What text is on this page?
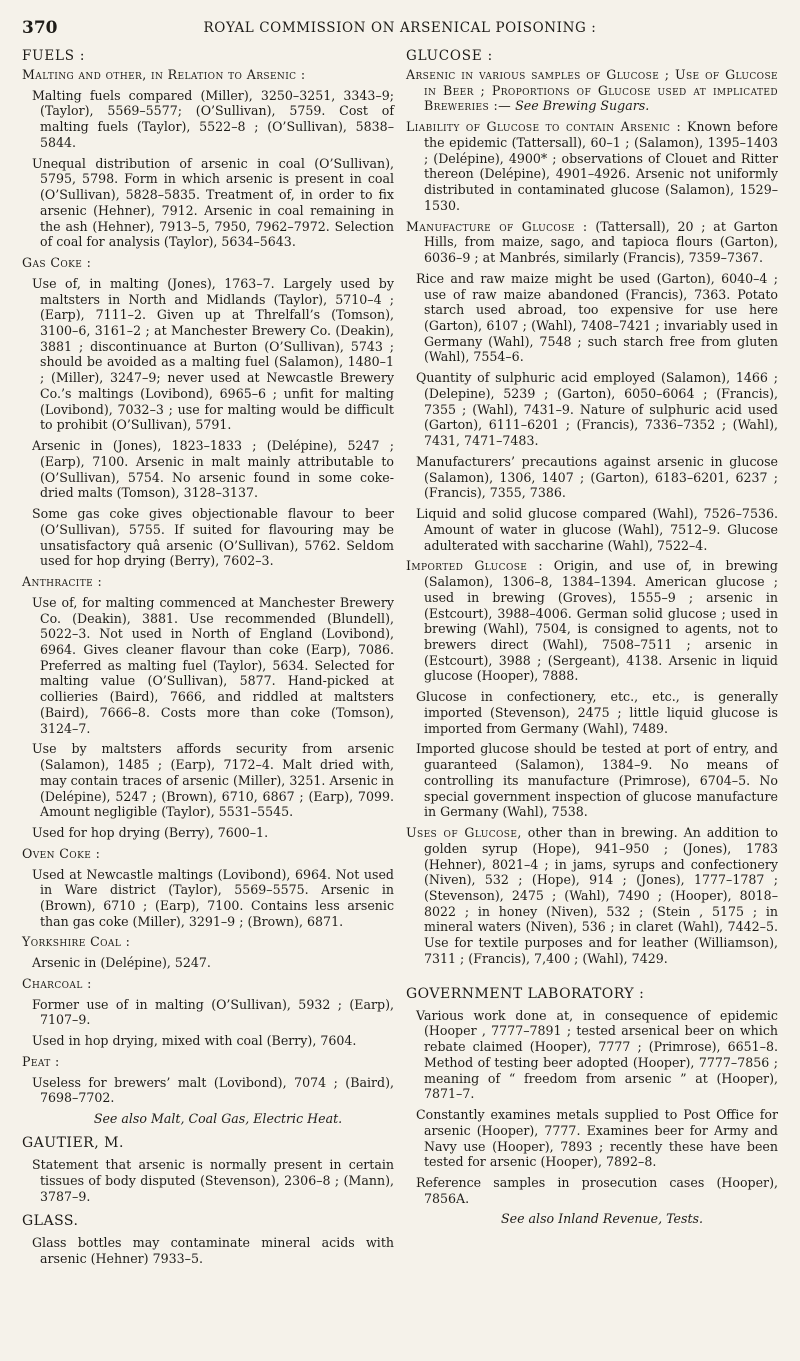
370	ROYAL COMMISSION ON ARSENICAL POISONING :
FUELS :

Malting and other, in Relation to Arsenic :

Malting fuels compared (Miller), 3250–3251, 3343–9; (Taylor), 5569–5577; (O’Sullivan), 5759. Cost of malting fuels (Taylor), 5522–8 ; (O’Sullivan), 5838–5844.

Unequal distribution of arsenic in coal (O’Sullivan), 5795, 5798. Form in which arsenic is present in coal (O’Sullivan), 5828–5835. Treatment of, in order to fix arsenic (Hehner), 7912. Arsenic in coal remaining in the ash (Hehner), 7913–5, 7950, 7962–7972. Selection of coal for analysis (Taylor), 5634–5643.

Gas Coke :

Use of, in malting (Jones), 1763–7. Largely used by maltsters in North and Midlands (Taylor), 5710–4 ; (Earp), 7111–2. Given up at Threlfall’s (Tomson), 3100–6, 3161–2 ; at Manchester Brewery Co. (Deakin), 3881 ; discontinuance at Burton (O’Sullivan), 5743 ; should be avoided as a malting fuel (Salamon), 1480–1 ; (Miller), 3247–9; never used at Newcastle Brewery Co.’s maltings (Lovibond), 6965–6 ; unfit for malting (Lovibond), 7032–3 ; use for malting would be difficult to prohibit (O’Sullivan), 5791.

Arsenic in (Jones), 1823–1833 ; (Delépine), 5247 ; (Earp), 7100. Arsenic in malt mainly attributable to (O’Sullivan), 5754. No arsenic found in some coke-dried malts (Tomson), 3128–3137.

Some gas coke gives objectionable flavour to beer (O’Sullivan), 5755. If suited for flavouring may be unsatisfactory quâ arsenic (O’Sullivan), 5762. Seldom used for hop drying (Berry), 7602–3.

Anthracite :

Use of, for malting commenced at Manchester Brewery Co. (Deakin), 3881. Use recommended (Blundell), 5022–3. Not used in North of England (Lovibond), 6964. Gives cleaner flavour than coke (Earp), 7086. Preferred as malting fuel (Taylor), 5634. Selected for malting value (O’Sullivan), 5877. Hand-picked at collieries (Baird), 7666, and riddled at maltsters (Baird), 7666–8. Costs more than coke (Tomson), 3124–7.

Use by maltsters affords security from arsenic (Salamon), 1485 ; (Earp), 7172–4. Malt dried with, may contain traces of arsenic (Miller), 3251. Arsenic in (Delépine), 5247 ; (Brown), 6710, 6867 ; (Earp), 7099. Amount negligible (Taylor), 5531–5545.

Used for hop drying (Berry), 7600–1.

Oven Coke :

Used at Newcastle maltings (Lovibond), 6964. Not used in Ware district (Taylor), 5569–5575. Arsenic in (Brown), 6710 ; (Earp), 7100. Contains less arsenic than gas coke (Miller), 3291–9 ; (Brown), 6871.

Yorkshire Coal :

Arsenic in (Delépine), 5247.

Charcoal :

Former use of in malting (O’Sullivan), 5932 ; (Earp), 7107–9.

Used in hop drying, mixed with coal (Berry), 7604.

Peat :

Useless for brewers’ malt (Lovibond), 7074 ; (Baird), 7698–7702.

See also Malt, Coal Gas, Electric Heat.

GAUTIER, M.

Statement that arsenic is normally present in certain tissues of body disputed (Stevenson), 2306–8 ; (Mann), 3787–9.

GLASS.

Glass bottles may contaminate mineral acids with arsenic (Hehner) 7933–5.

GLUCOSE :

Arsenic in various samples of Glucose ; Use of Glucose in Beer ; Proportions of Glucose used at implicated Breweries :— See Brewing Sugars.

Liability of Glucose to contain Arsenic : Known before the epidemic (Tattersall), 60–1 ; (Salamon), 1395–1403 ; (Delépine), 4900* ; observations of Clouet and Ritter thereon (Delépine), 4901–4926. Arsenic not uniformly distributed in contaminated glucose (Salamon), 1529–1530.

Manufacture of Glucose : (Tattersall), 20 ; at Garton Hills, from maize, sago, and tapioca flours (Garton), 6036–9 ; at Manbrés, similarly (Francis), 7359–7367.

Rice and raw maize might be used (Garton), 6040–4 ; use of raw maize abandoned (Francis), 7363. Potato starch used abroad, too expensive for use here (Garton), 6107 ; (Wahl), 7408–7421 ; invariably used in Germany (Wahl), 7548 ; such starch free from gluten (Wahl), 7554–6.

Quantity of sulphuric acid employed (Salamon), 1466 ; (Delepine), 5239 ; (Garton), 6050–6064 ; (Francis), 7355 ; (Wahl), 7431–9. Nature of sulphuric acid used (Garton), 6111–6201 ; (Francis), 7336–7352 ; (Wahl), 7431, 7471–7483.

Manufacturers’ precautions against arsenic in glucose (Salamon), 1306, 1407 ; (Garton), 6183–6201, 6237 ; (Francis), 7355, 7386.

Liquid and solid glucose compared (Wahl), 7526–7536. Amount of water in glucose (Wahl), 7512–9. Glucose adulterated with saccharine (Wahl), 7522–4.

Imported Glucose : Origin, and use of, in brewing (Salamon), 1306–8, 1384–1394. American glucose ; used in brewing (Groves), 1555–9 ; arsenic in (Estcourt), 3988–4006. German solid glucose ; used in brewing (Wahl), 7504, is consigned to agents, not to brewers direct (Wahl), 7508–7511 ; arsenic in (Estcourt), 3988 ; (Sergeant), 4138. Arsenic in liquid glucose (Hooper), 7888.

Glucose in confectionery, etc., etc., is generally imported (Stevenson), 2475 ; little liquid glucose is imported from Germany (Wahl), 7489.

Imported glucose should be tested at port of entry, and guaranteed (Salamon), 1384–9. No means of controlling its manufacture (Primrose), 6704–5. No special government inspection of glucose manufacture in Germany (Wahl), 7538.

Uses of Glucose, other than in brewing. An addition to golden syrup (Hope), 941–950 ; (Jones), 1783 (Hehner), 8021–4 ; in jams, syrups and confectionery (Niven), 532 ; (Hope), 914 ; (Jones), 1777–1787 ; (Stevenson), 2475 ; (Wahl), 7490 ; (Hooper), 8018–8022 ; in honey (Niven), 532 ; (Stein , 5175 ; in mineral waters (Niven), 536 ; in claret (Wahl), 7442–5. Use for textile purposes and for leather (Williamson), 7311 ; (Francis), 7,400 ; (Wahl), 7429.

GOVERNMENT LABORATORY :

Various work done at, in consequence of epidemic (Hooper , 7777–7891 ; tested arsenical beer on which rebate claimed (Hooper), 7777 ; (Primrose), 6651–8. Method of testing beer adopted (Hooper), 7777–7856 ; meaning of “ freedom from arsenic ” at (Hooper), 7871–7.

Constantly examines metals supplied to Post Office for arsenic (Hooper), 7777. Examines beer for Army and Navy use (Hooper), 7893 ; recently these have been tested for arsenic (Hooper), 7892–8.

Reference samples in prosecution cases (Hooper), 7856A.

See also Inland Revenue, Tests.
